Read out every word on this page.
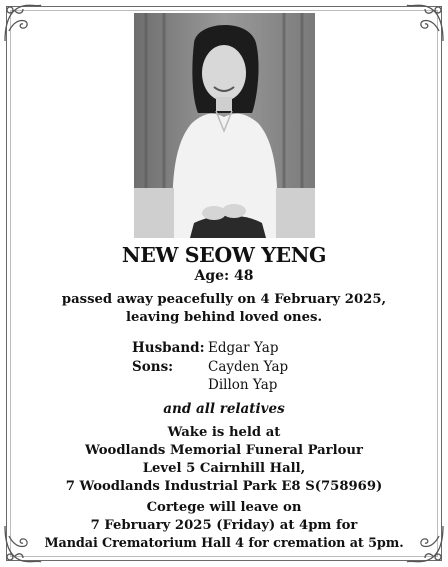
NEW SEOW YENG
Age: 48
passed away peacefully on 4 February 2025,
leaving behind loved ones.
Husband: Edgar Yap
Sons:	Cayden Yap
Dillon Yap
and all relatives
Wake is held at
Woodlands Memorial Funeral Parlour
Level 5 Cairnhill Hall,
7 Woodlands Industrial Park E8 S(758969)
Cortege will leave on
7 February 2025 (Friday) at 4pm for
Mandai Crematorium Hall 4 for cremation at 5pm.
